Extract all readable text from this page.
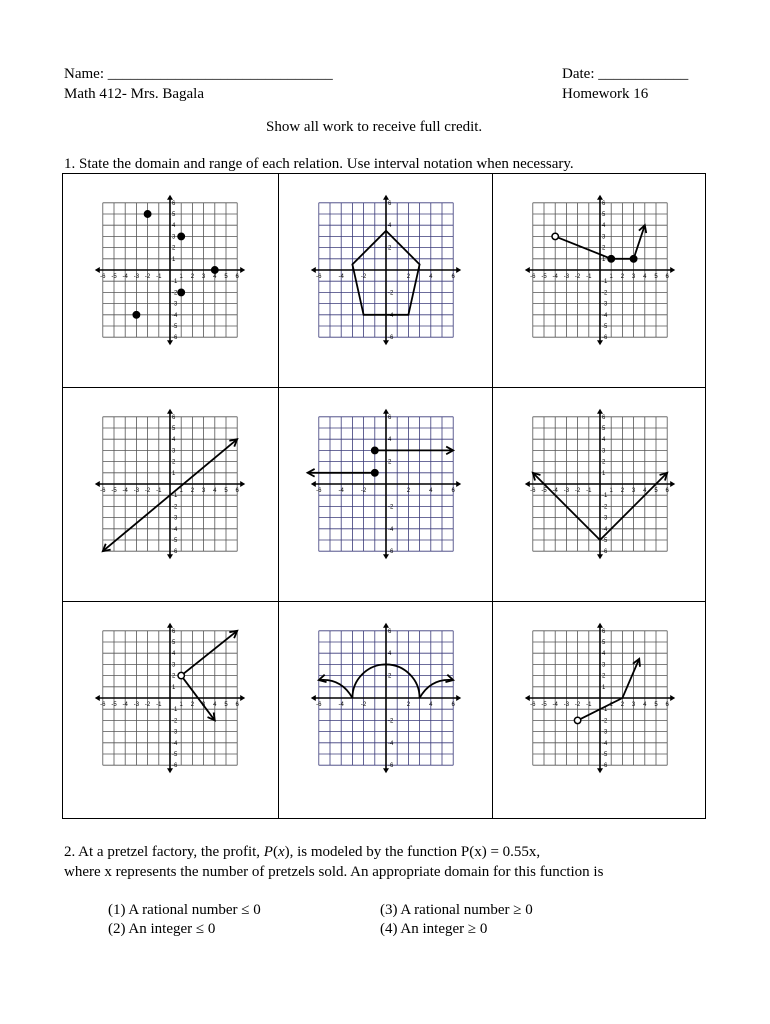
Name: ______________________________	Date: ____________
Math 412- Mrs. Bagala	Homework 16
Show all work to receive full credit.
1. State the domain and range of each relation. Use interval notation when necessary.
-6
-6
-5
-5
-4
-4
-3
-3
-2
-2
-1
-1
1
1
2
2
3
3
4
4
5
5
6
6
-6
-6
-4
-4
-2
-2
2
2
4
4
6
6
-6
-6
-5
-5
-4
-4
-3
-3
-2
-2
-1
-1
1
1
2
2
3
3
4
4
5
5
6
6
-6
-6
-5
-5
-4
-4
-3
-3
-2
-2
-1
-1
1
1
2
2
3
3
4
4
5
5
6
6
-6
-6
-4
-4
-2
-2
2
2
4
4
6
6
-6
-6
-5
-5
-4
-4
-3
-3
-2
-2
-1
-1
1
1
2
2
3
3
4
4
5
5
6
6
-6
-6
-5
-5
-4
-4
-3
-3
-2
-2
-1
-1
1
1
2
2
3
3
4
4
5
5
6
6
-6
-6
-4
-4
-2
-2
2
2
4
4
6
6
-6
-6
-5
-5
-4
-4
-3
-3
-2
-2
-1
-1
1
1
2
2
3
3
4
4
5
5
6
6
2. At a pretzel factory, the profit, P(x), is modeled by the function P(x) = 0.55x,
where x represents the number of pretzels sold. An appropriate domain for this function is
(1) A rational number ≤ 0	(3) A rational number ≥ 0
(2) An integer ≤ 0	(4) An integer ≥ 0
